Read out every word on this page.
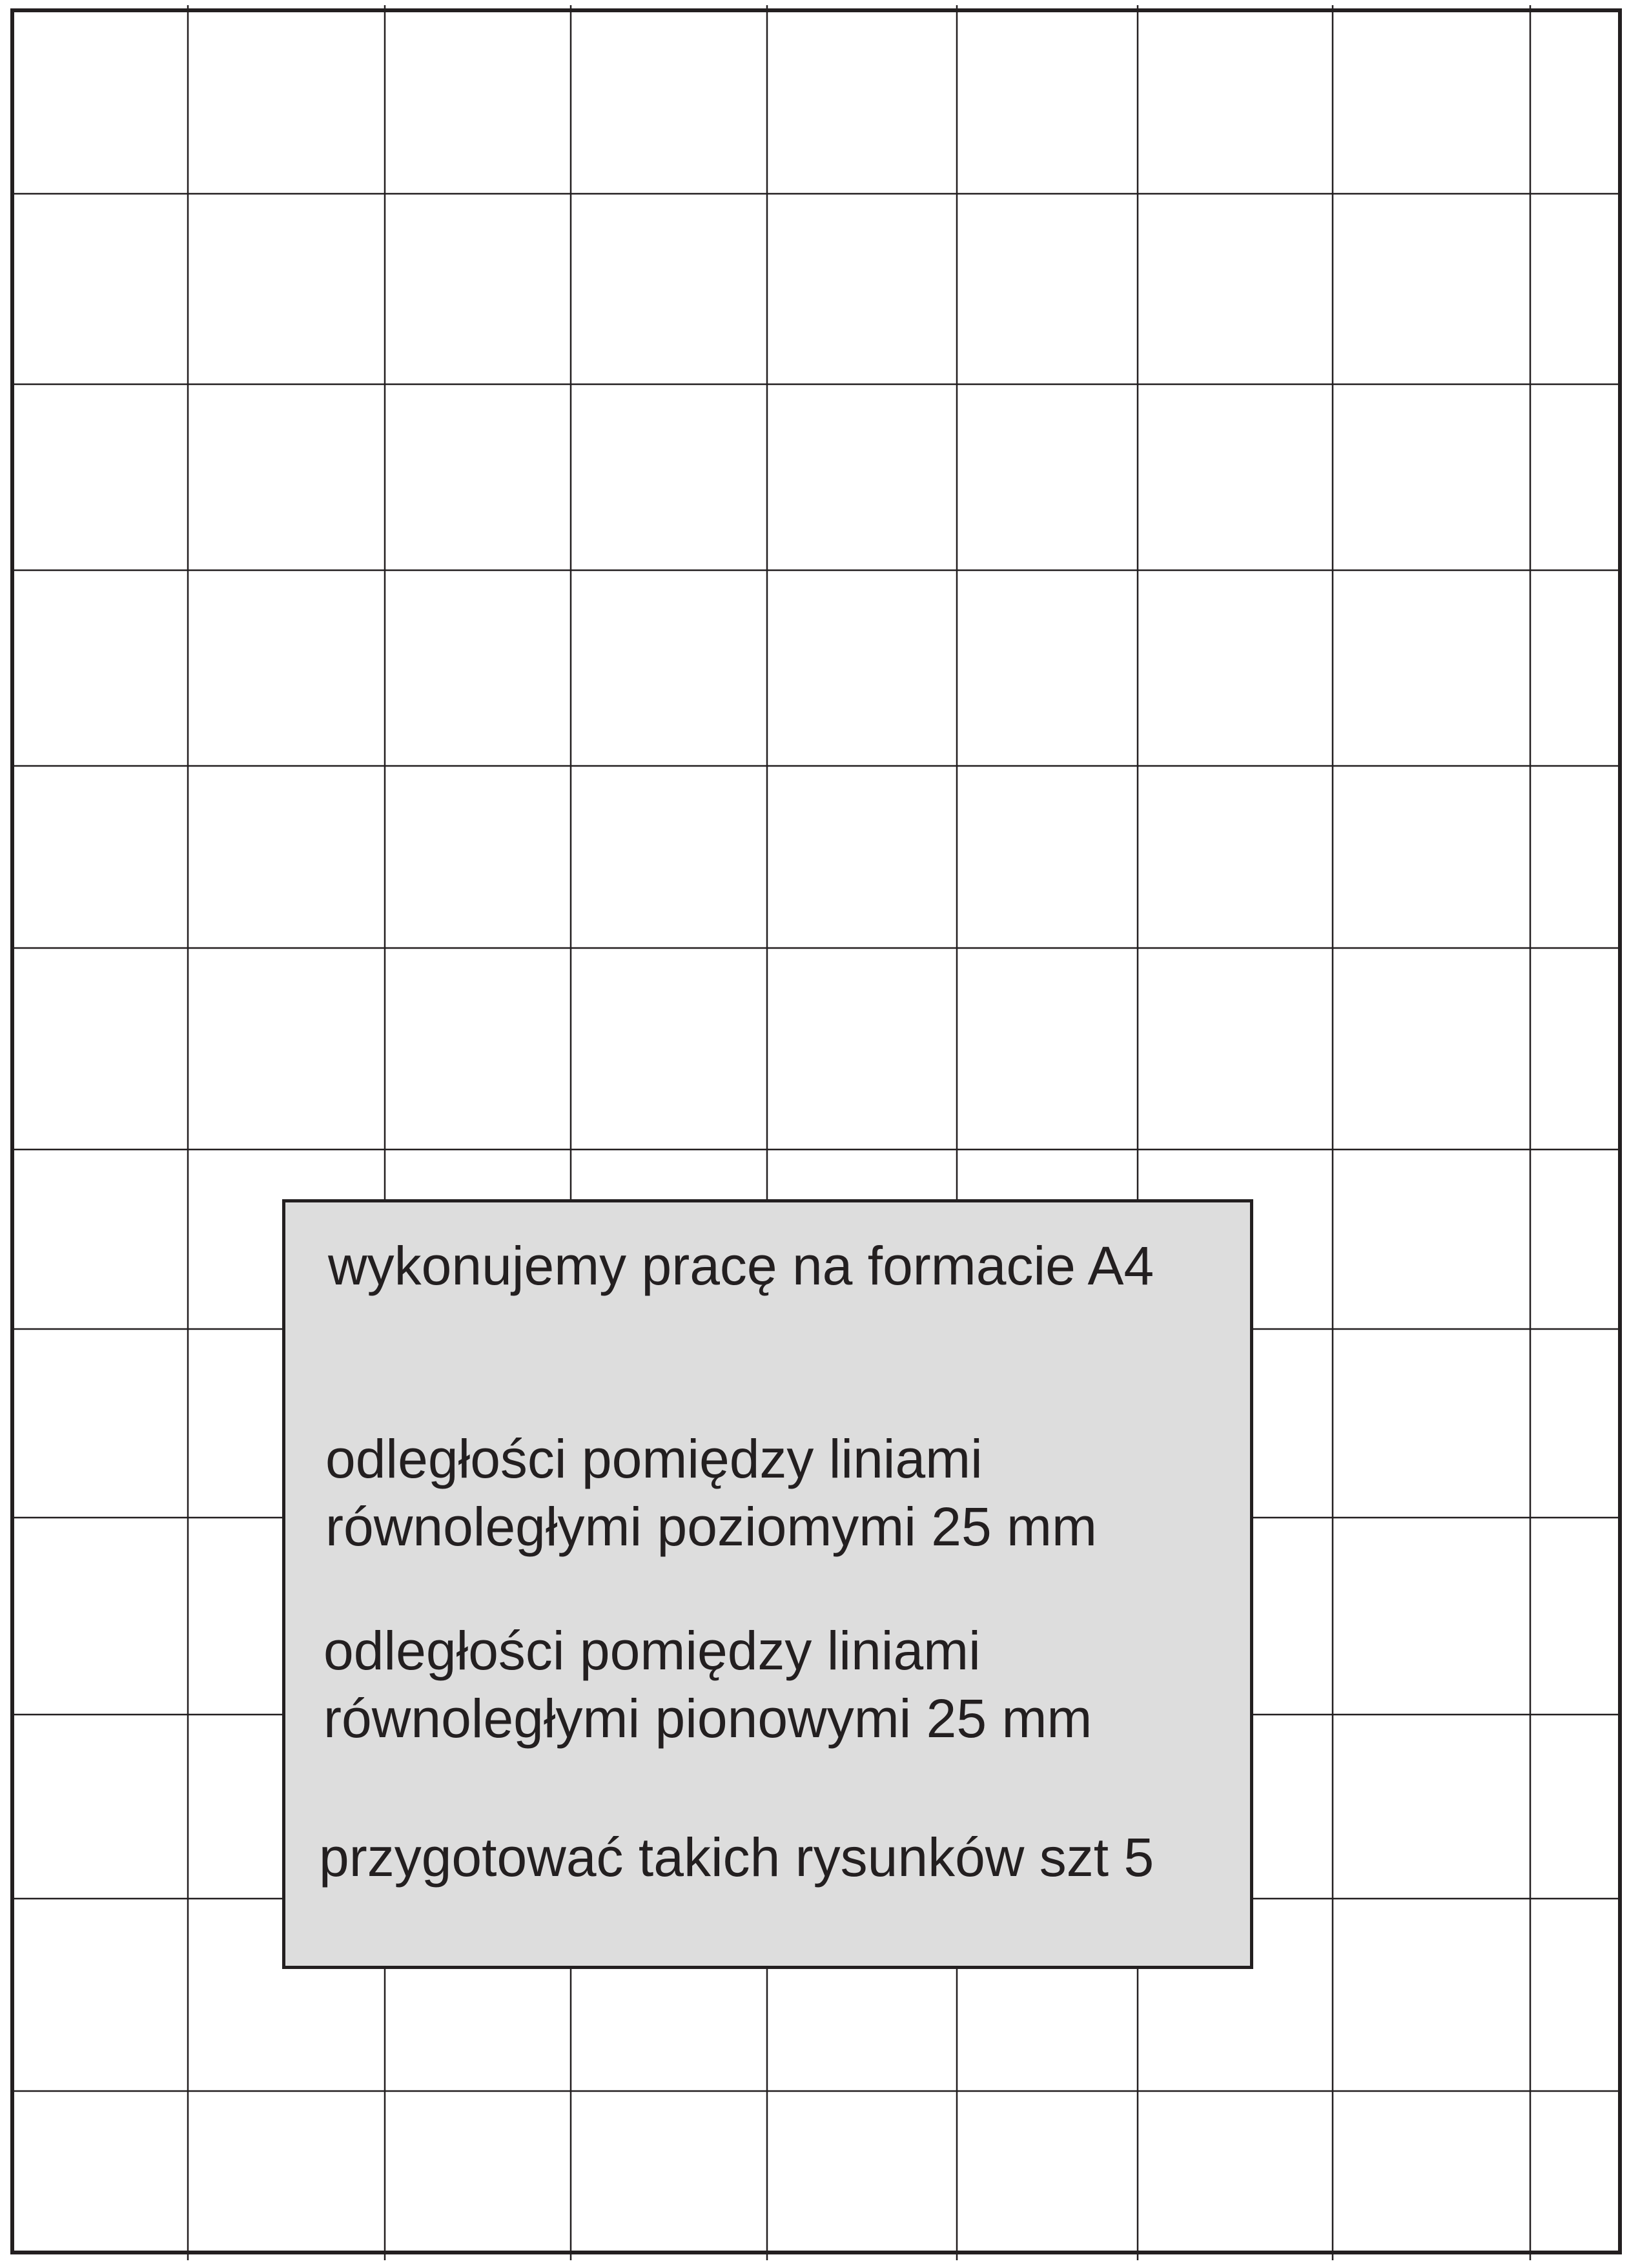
wykonujemy pracę na formacie A4

odległości pomiędzy liniami

równoległymi poziomymi 25 mm

odległości pomiędzy liniami

równoległymi pionowymi 25 mm

przygotować takich rysunków szt 5
